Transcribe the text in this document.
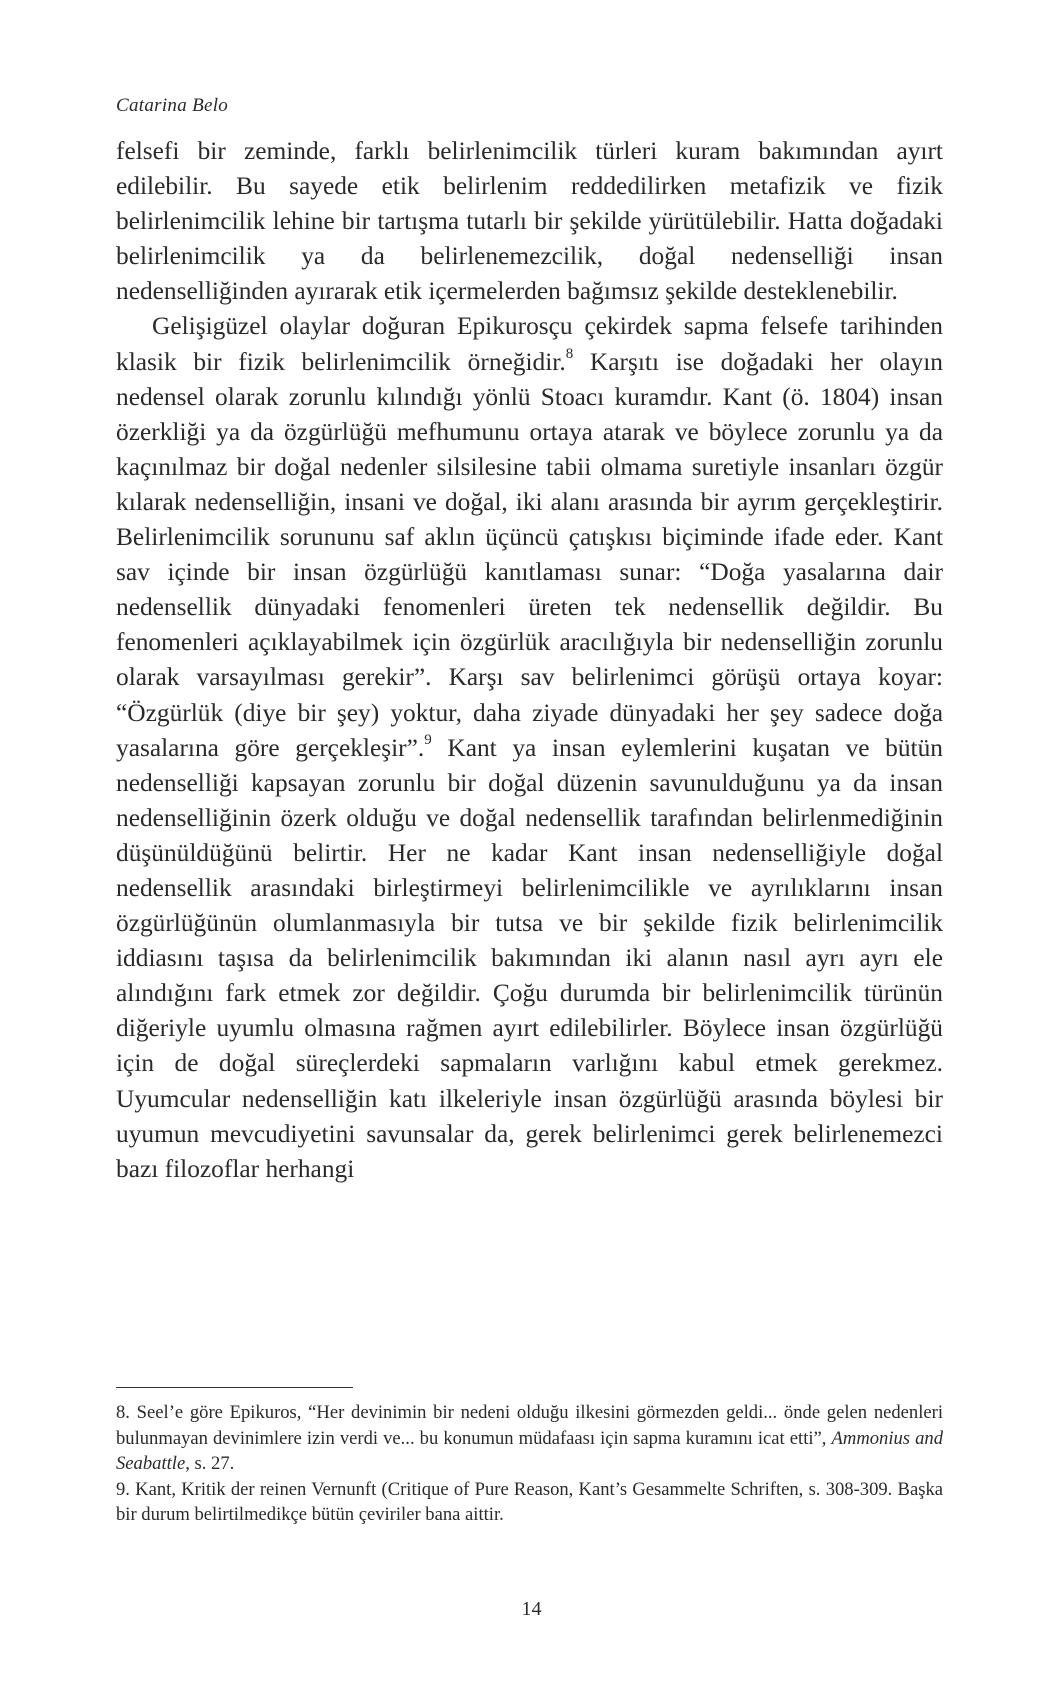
Catarina Belo

felsefi bir zeminde, farklı belirlenimcilik türleri kuram bakımından ayırt edilebilir. Bu sayede etik belirlenim reddedilirken metafizik ve fizik belirlenimcilik lehine bir tartışma tutarlı bir şekilde yürütülebilir. Hatta doğadaki belirlenimcilik ya da belirlenemezcilik, doğal nedenselliği insan nedenselliğinden ayırarak etik içermelerden bağımsız şekilde desteklenebilir.

Gelişigüzel olaylar doğuran Epikurosçu çekirdek sapma felsefe tarihinden klasik bir fizik belirlenimcilik örneğidir.$^8$ Karşıtı ise doğadaki her olayın nedensel olarak zorunlu kılındığı yönlü Stoacı kuramdır. Kant (ö. 1804) insan özerkliği ya da özgürlüğü mefhumunu ortaya atarak ve böylece zorunlu ya da kaçınılmaz bir doğal nedenler silsilesine tabii olmama suretiyle insanları özgür kılarak nedenselliğin, insani ve doğal, iki alanı arasında bir ayrım gerçekleştirir. Belirlenimcilik sorununu saf aklın üçüncü çatışkısı biçiminde ifade eder. Kant sav içinde bir insan özgürlüğü kanıtlaması sunar: “Doğa yasalarına dair nedensellik dünyadaki fenomenleri üreten tek nedensellik değildir. Bu fenomenleri açıklayabilmek için özgürlük aracılığıyla bir nedenselliğin zorunlu olarak varsayılması gerekir”. Karşı sav belirlenimci görüşü ortaya koyar: “Özgürlük (diye bir şey) yoktur, daha ziyade dünyadaki her şey sadece doğa yasalarına göre gerçekleşir”.$^9$ Kant ya insan eylemlerini kuşatan ve bütün nedenselliği kapsayan zorunlu bir doğal düzenin savunulduğunu ya da insan nedenselliğinin özerk olduğu ve doğal nedensellik tarafından belirlenmediğinin düşünüldüğünü belirtir. Her ne kadar Kant insan nedenselliğiyle doğal nedensellik arasındaki birleştirmeyi belirlenimcilikle ve ayrılıklarını insan özgürlüğünün olumlanmasıyla bir tutsa ve bir şekilde fizik belirlenimcilik iddiasını taşısa da belirlenimcilik bakımından iki alanın nasıl ayrı ayrı ele alındığını fark etmek zor değildir. Çoğu durumda bir belirlenimcilik türünün diğeriyle uyumlu olmasına rağmen ayırt edilebilirler. Böylece insan özgürlüğü için de doğal süreçlerdeki sapmaların varlığını kabul etmek gerekmez. Uyumcular nedenselliğin katı ilkeleriyle insan özgürlüğü arasında böylesi bir uyumun mevcudiyetini savunsalar da, gerek belirlenimci gerek belirlenemezci bazı filozoflar herhangi

8. Seel’e göre Epikuros, “Her devinimin bir nedeni olduğu ilkesini görmezden geldi... önde gelen nedenleri bulunmayan devinimlere izin verdi ve... bu konumun müdafaası için sapma kuramını icat etti”, Ammonius and Seabattle, s. 27.

9. Kant, Kritik der reinen Vernunft (Critique of Pure Reason, Kant’s Gesammelte Schriften, s. 308-309. Başka bir durum belirtilmedikçe bütün çeviriler bana aittir.

14
